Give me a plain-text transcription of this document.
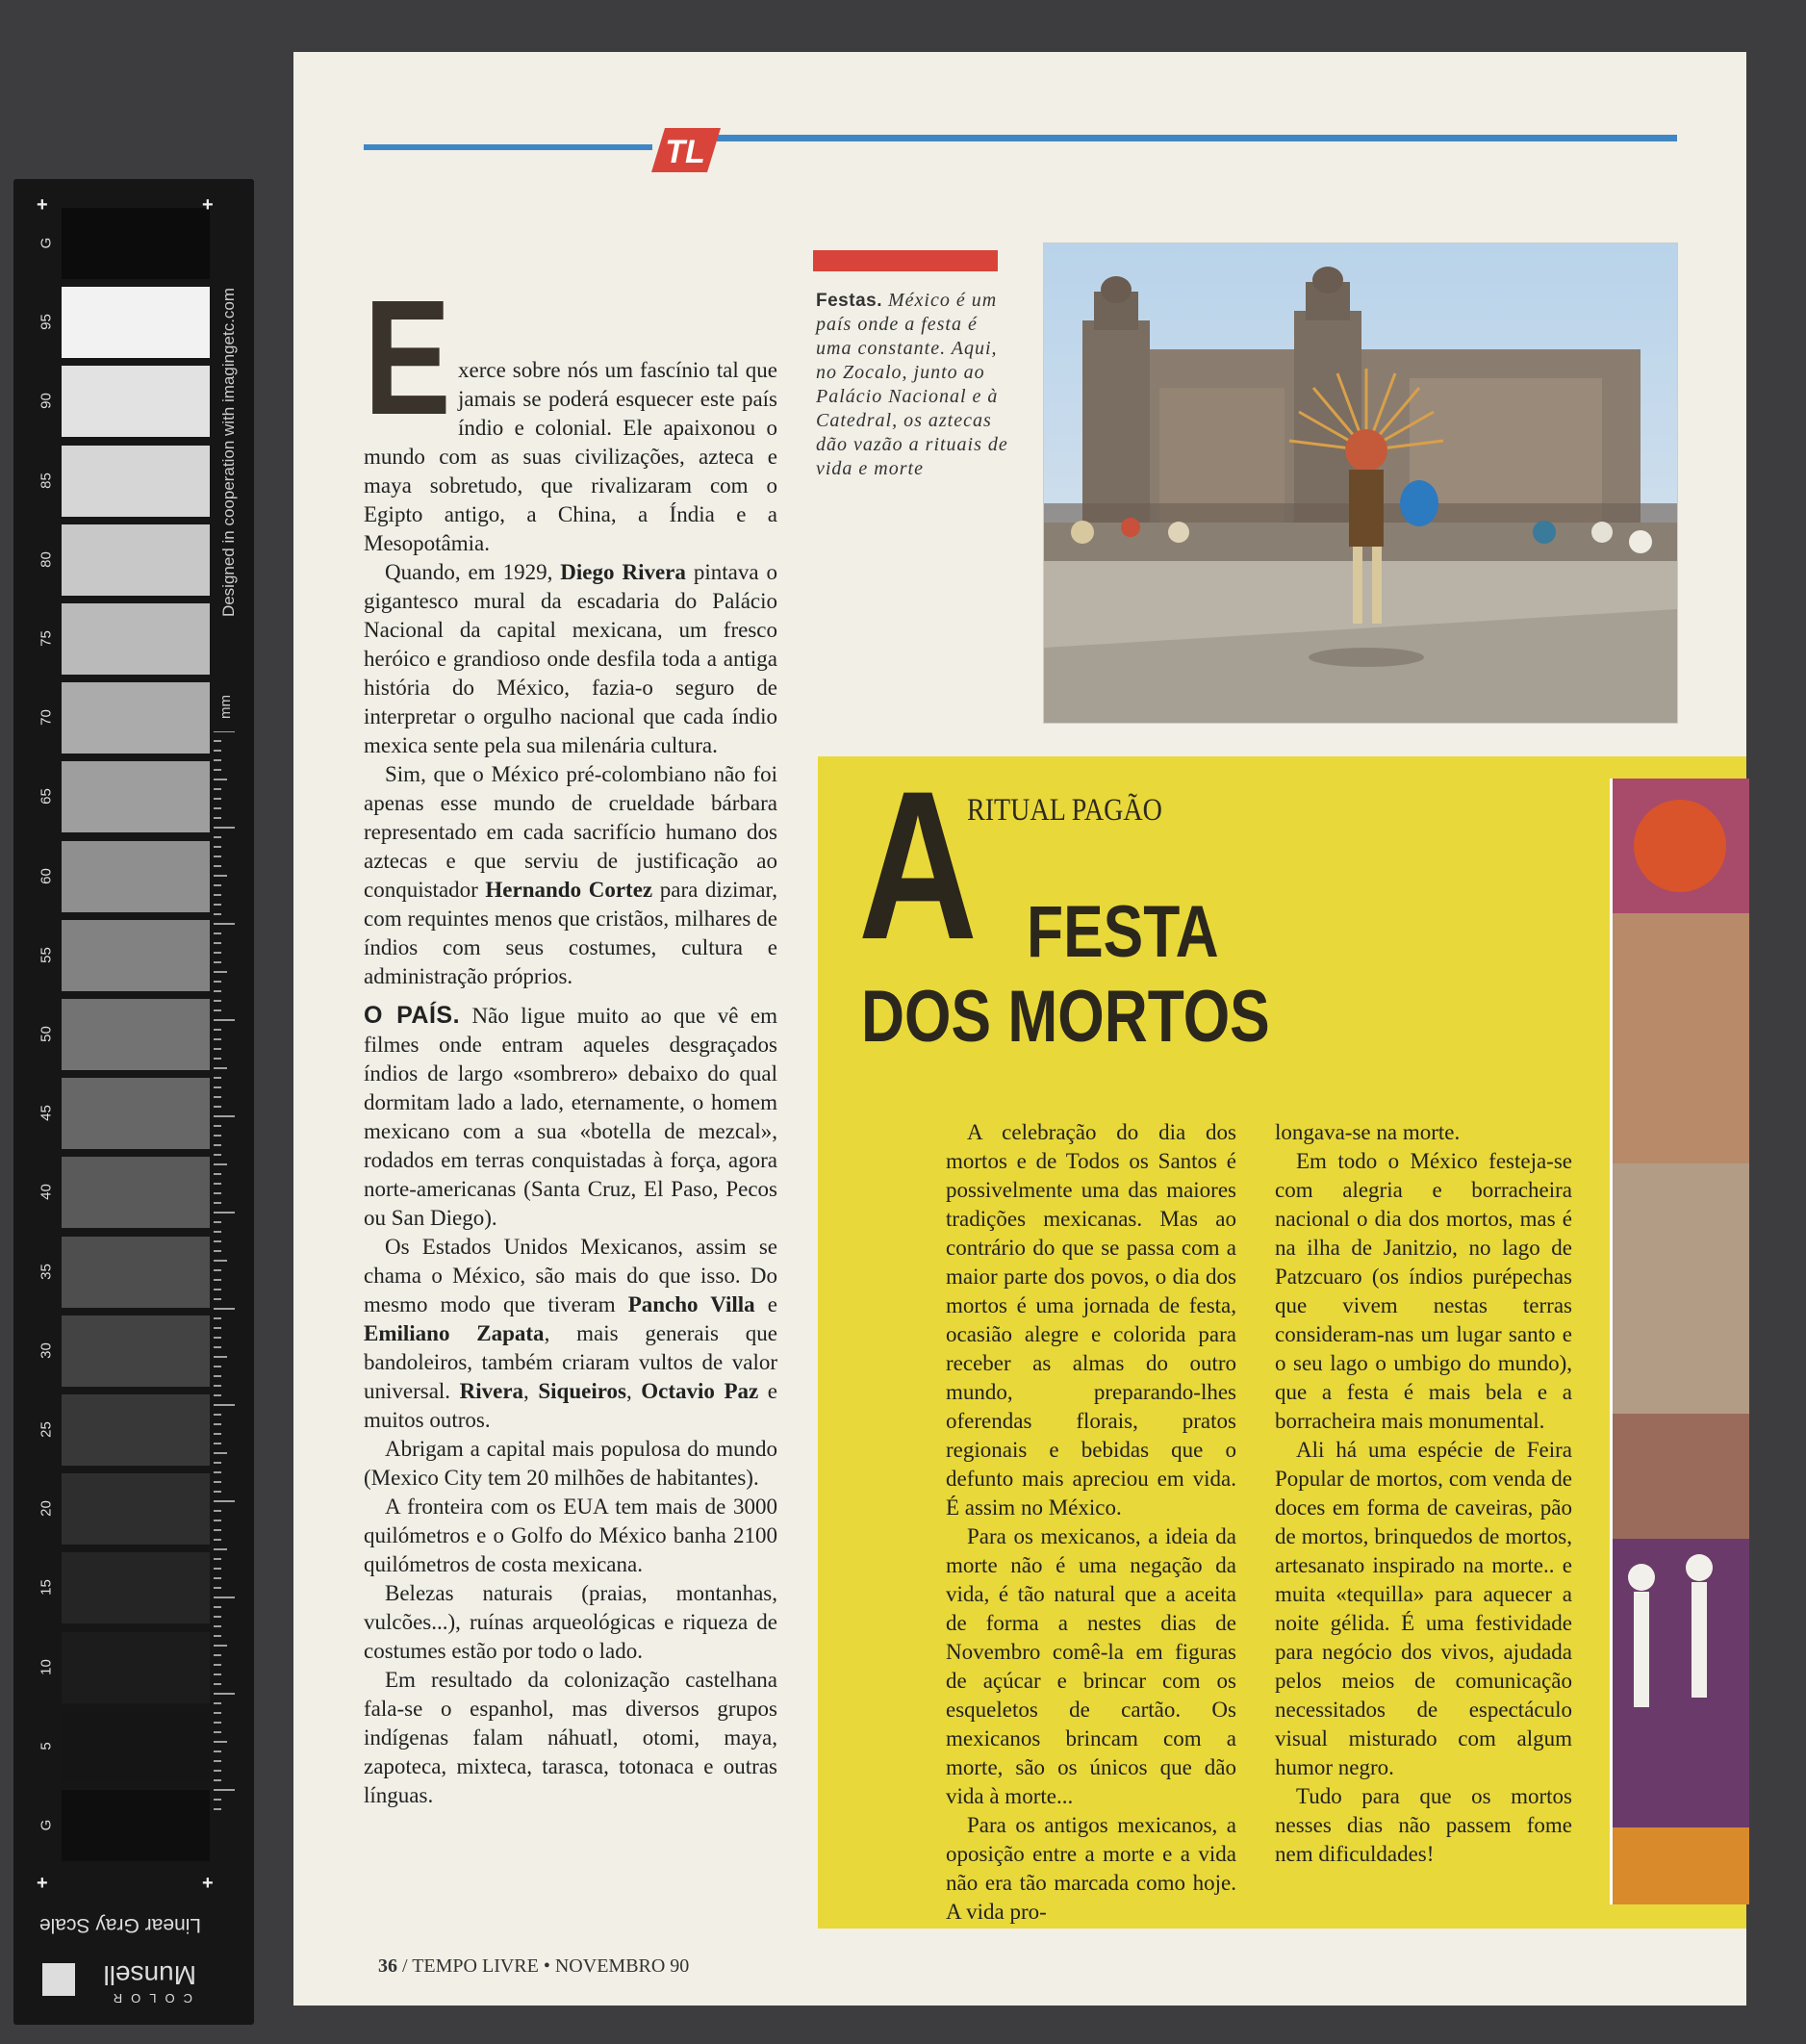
G
95
90
85
80
75
70
65
60
55
50
45
40
35
30
25
20
15
10
5
G
+	+
+	+
Designed in cooperation with imagingetc.com
mm
Linear Gray Scale
COLOR
Munsell
TL
E xerce sobre nós um fascínio tal que jamais se poderá esquecer este país índio e colonial. Ele apaixonou o mundo com as suas civilizações, azteca e maya sobretudo, que rivalizaram com o Egipto antigo, a China, a Índia e a Mesopotâmia.

Quando, em 1929, Diego Rivera pintava o gigantesco mural da escadaria do Palácio Nacional da capital mexicana, um fresco heróico e grandioso onde desfila toda a antiga história do México, fazia-o seguro de interpretar o orgulho nacional que cada índio mexica sente pela sua milenária cultura.

Sim, que o México pré-colombiano não foi apenas esse mundo de crueldade bárbara representado em cada sacrifício humano dos aztecas e que serviu de justificação ao conquistador Hernando Cortez para dizimar, com requintes menos que cristãos, milhares de índios com seus costumes, cultura e administração próprios.

O PAÍS. Não ligue muito ao que vê em filmes onde entram aqueles desgraçados índios de largo «sombrero» debaixo do qual dormitam lado a lado, eternamente, o homem mexicano com a sua «botella de mezcal», rodados em terras conquistadas à força, agora norte-americanas (Santa Cruz, El Paso, Pecos ou San Diego).

Os Estados Unidos Mexicanos, assim se chama o México, são mais do que isso. Do mesmo modo que tiveram Pancho Villa e Emiliano Zapata, mais generais que bandoleiros, também criaram vultos de valor universal. Rivera, Siqueiros, Octavio Paz e muitos outros.

Abrigam a capital mais populosa do mundo (Mexico City tem 20 milhões de habitantes).

A fronteira com os EUA tem mais de 3000 quilómetros e o Golfo do México banha 2100 quilómetros de costa mexicana.

Belezas naturais (praias, montanhas, vulcões...), ruínas arqueológicas e riqueza de costumes estão por todo o lado.

Em resultado da colonização castelhana fala-se o espanhol, mas diversos grupos indígenas falam náhuatl, otomi, maya, zapoteca, mixteca, tarasca, totonaca e outras línguas.

Festas. México é um país onde a festa é uma constante. Aqui, no Zocalo, junto ao Palácio Nacional e à Catedral, os aztecas dão vazão a rituais de vida e morte
RITUAL PAGÃO
A FESTA
DOS MORTOS

A celebração do dia dos mortos e de Todos os Santos é possivelmente uma das maiores tradições mexicanas. Mas ao contrário do que se passa com a maior parte dos povos, o dia dos mortos é uma jornada de festa, ocasião alegre e colorida para receber as almas do outro mundo, preparando-lhes oferendas florais, pratos regionais e bebidas que o defunto mais apreciou em vida. É assim no México.

Para os mexicanos, a ideia da morte não é uma negação da vida, é tão natural que a aceita de forma a nestes dias de Novembro comê-la em figuras de açúcar e brincar com os esqueletos de cartão. Os mexicanos brincam com a morte, são os únicos que dão vida à morte...

Para os antigos mexicanos, a oposição entre a morte e a vida não era tão marcada como hoje. A vida pro-

longava-se na morte.

Em todo o México festeja-se com alegria e borracheira nacional o dia dos mortos, mas é na ilha de Janitzio, no lago de Patzcuaro (os índios purépechas que vivem nestas terras consideram-nas um lugar santo e o seu lago o umbigo do mundo), que a festa é mais bela e a borracheira mais monumental.

Ali há uma espécie de Feira Popular de mortos, com venda de doces em forma de caveiras, pão de mortos, brinquedos de mortos, artesanato inspirado na morte.. e muita «tequilla» para aquecer a noite gélida. É uma festividade para negócio dos vivos, ajudada pelos meios de comunicação necessitados de espectáculo visual misturado com algum humor negro.

Tudo para que os mortos nesses dias não passem fome nem dificuldades!

36 / TEMPO LIVRE • NOVEMBRO 90
